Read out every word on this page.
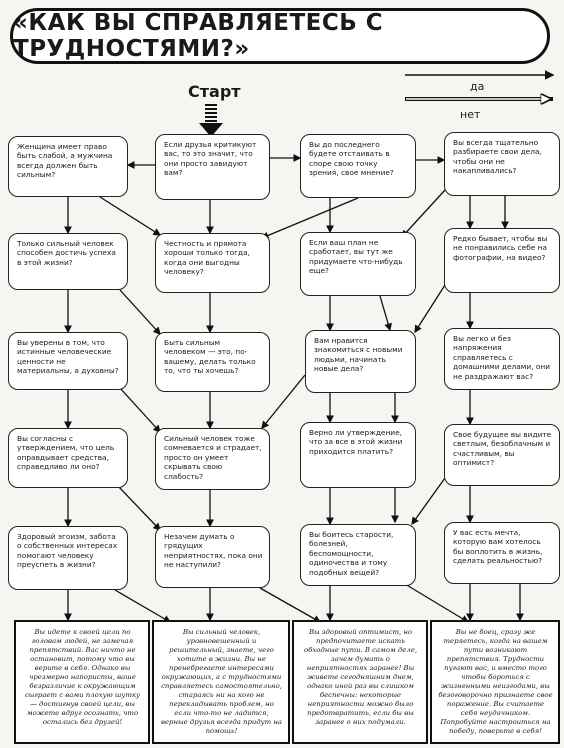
«КАК ВЫ СПРАВЛЯЕТЕСЬ С ТРУДНОСТЯМИ?»
Старт	да
нет
Женщина имеет право быть слабой, а мужчина всегда должен быть сильным?
Если друзья критикуют вас, то это значит, что они просто завидуют вам?
Вы до последнего будете отстаивать в споре свою точку зрения, свое мнение?
Вы всегда тщательно разбираете свои дела, чтобы они не накапливались?
Только сильный человек способен достичь успеха в этой жизни?
Честность и прямота хороши только тогда, когда они выгодны человеку?
Если ваш план не сработает, вы тут же придумаете что-нибудь еще?
Редко бывает, чтобы вы не понравились себе на фотографии, на видео?
Вы уверены в том, что истинные человеческие ценности не материальны, а духовны?
Быть сильным человеком — это, по-вашему, делать только то, что ты хочешь?
Вам нравится знакомиться с новыми людьми, начинать новые дела?
Вы легко и без напряжения справляетесь с домашними делами, они не раздражают вас?
Вы согласны с утверждением, что цель оправдывает средства, справедливо ли оно?
Сильный человек тоже сомневается и страдает, просто он умеет скрывать свою слабость?
Верно ли утверждение, что за все в этой жизни приходится платить?
Свое будущее вы видите светлым, безоблачным и счастливым, вы оптимист?
Здоровый эгоизм, забота о собственных интересах помогают человеку преуспеть в жизни?
Незачем думать о грядущих неприятностях, пока они не наступили?
Вы боитесь старости, болезней, беспомощности, одиночества и тому подобных вещей?
У вас есть мечта, которую вам хотелось бы воплотить в жизнь, сделать реальностью?
Вы идете к своей цели по головам людей, не замечая препятствий. Вас ничто не остановит, потому что вы верите в себя. Однако вы чрезмерно напористы, ваше безразличие к окружающим сыграет с вами плохую шутку — достигнув своей цели, вы можете вдруг осознать, что остались без друзей!
Вы сильный человек, уравновешенный и решительный, знаете, чего хотите в жизни. Вы не пренебрегаете интересами окружающих, а с трудностями справляетесь самостоятельно, стараясь ни на кого не перекладывать проблем, но если что-то не ладится, верные друзья всегда придут на помощь!
Вы здоровый оптимист, но предпочитаете искать обходные пути. В самом деле, зачем думать о неприятностях заранее! Вы живете сегодняшним днем, однако иной раз вы слишком беспечны: некоторые неприятности можно было предотвратить, если бы вы заранее о них подумали.
Вы не боец, сразу же теряетесь, когда на вашем пути возникают препятствия. Трудности пугают вас, и вместо того чтобы бороться с жизненными неизгодами, вы безоговорочно признаете свое поражение. Вы считаете себя неудачником. Попробуйте настроиться на победу, поверьте в себя!
